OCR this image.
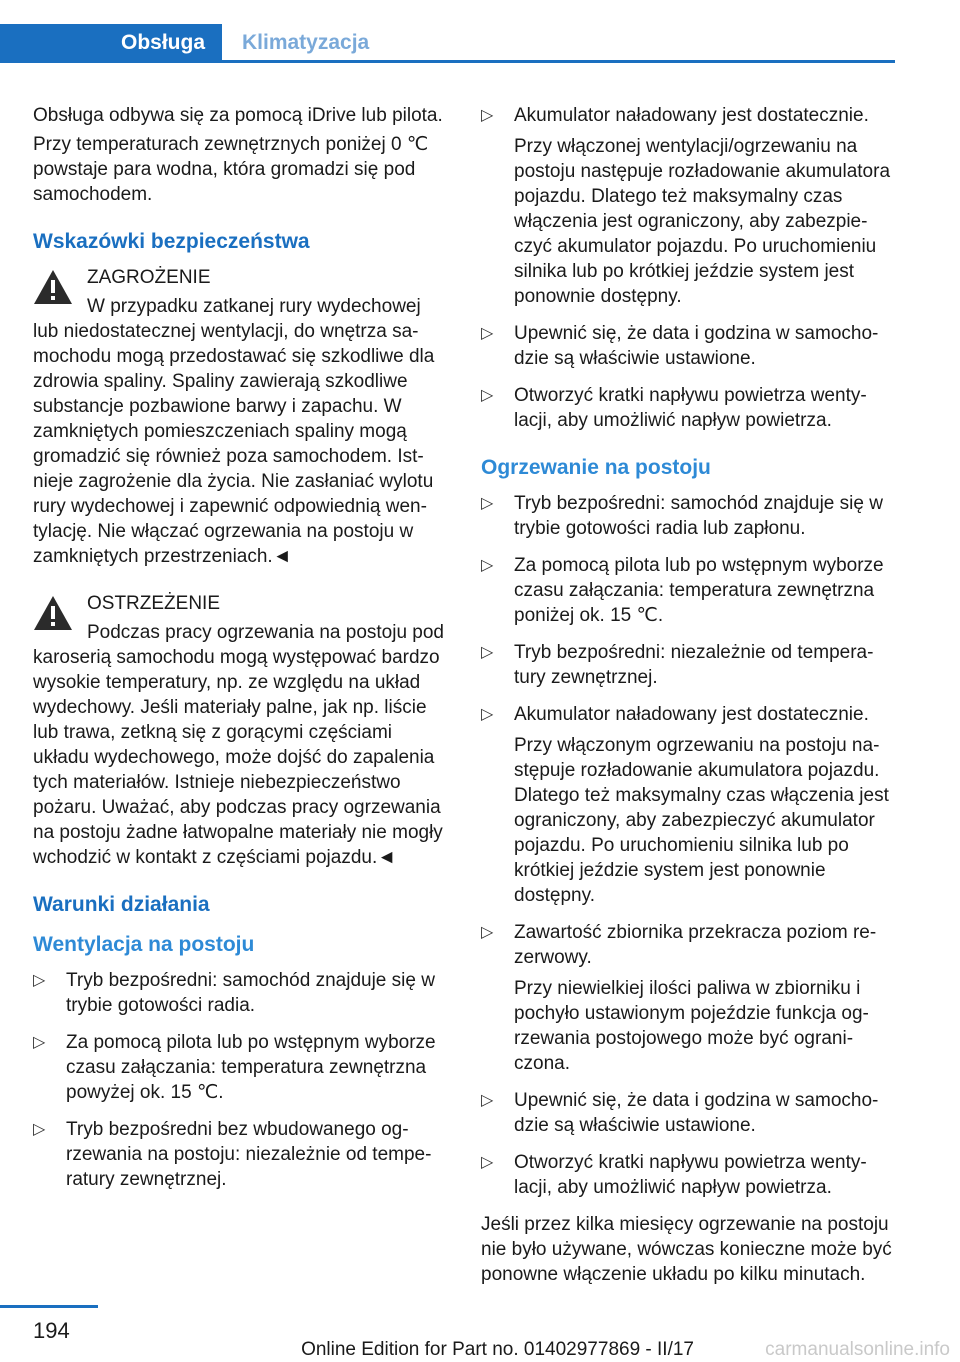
Obsługa	Klimatyzacja

Obsługa odbywa się za pomocą iDrive lub pilota.

Przy temperaturach zewnętrznych poniżej 0 ℃ powstaje para wodna, która gromadzi się pod samochodem.

Wskazówki bezpieczeństwa
ZAGROŻENIE
W przypadku zatkanej rury wydechowej lub niedostatecznej wentylacji, do wnętrza samochodu mogą przedostawać się szkodliwe dla zdrowia spaliny. Spaliny zawierają szkodliwe substancje pozbawione barwy i zapachu. W zamkniętych pomieszczeniach spaliny mogą gromadzić się również poza samochodem. Istnieje zagrożenie dla życia. Nie zasłaniać wylotu rury wydechowej i zapewnić odpowiednią wentylację. Nie włączać ogrzewania na postoju w zamkniętych przestrzeniach.◄
OSTRZEŻENIE
Podczas pracy ogrzewania na postoju pod karoserią samochodu mogą występować bardzo wysokie temperatury, np. ze względu na układ wydechowy. Jeśli materiały palne, jak np. liście lub trawa, zetkną się z gorącymi częściami układu wydechowego, może dojść do zapalenia tych materiałów. Istnieje niebezpieczeństwo pożaru. Uważać, aby podczas pracy ogrzewania na postoju żadne łatwopalne materiały nie mogły wchodzić w kontakt z częściami pojazdu.◄
Warunki działania
Wentylacja na postoju
▷ Tryb bezpośredni: samochód znajduje się w trybie gotowości radia.
▷ Za pomocą pilota lub po wstępnym wyborze czasu załączania: temperatura zewnętrzna powyżej ok. 15 ℃.
▷ Tryb bezpośredni bez wbudowanego ogrzewania na postoju: niezależnie od temperatury zewnętrznej.
▷ Akumulator naładowany jest dostatecznie.

Przy włączonej wentylacji/ogrzewaniu na postoju następuje rozładowanie akumulatora pojazdu. Dlatego też maksymalny czas włączenia jest ograniczony, aby zabezpieczyć akumulator pojazdu. Po uruchomieniu silnika lub po krótkiej jeździe system jest ponownie dostępny.

▷ Upewnić się, że data i godzina w samochodzie są właściwie ustawione.
▷ Otworzyć kratki napływu powietrza wentylacji, aby umożliwić napływ powietrza.
Ogrzewanie na postoju
▷ Tryb bezpośredni: samochód znajduje się w trybie gotowości radia lub zapłonu.
▷ Za pomocą pilota lub po wstępnym wyborze czasu załączania: temperatura zewnętrzna poniżej ok. 15 ℃.
▷ Tryb bezpośredni: niezależnie od temperatury zewnętrznej.
▷ Akumulator naładowany jest dostatecznie.

Przy włączonym ogrzewaniu na postoju następuje rozładowanie akumulatora pojazdu. Dlatego też maksymalny czas włączenia jest ograniczony, aby zabezpieczyć akumulator pojazdu. Po uruchomieniu silnika lub po krótkiej jeździe system jest ponownie dostępny.

▷ Zawartość zbiornika przekracza poziom rezerwowy.

Przy niewielkiej ilości paliwa w zbiorniku i pochyło ustawionym pojeździe funkcja ogrzewania postojowego może być ograniczona.

▷ Upewnić się, że data i godzina w samochodzie są właściwie ustawione.
▷ Otworzyć kratki napływu powietrza wentylacji, aby umożliwić napływ powietrza.

Jeśli przez kilka miesięcy ogrzewanie na postoju nie było używane, wówczas konieczne może być ponowne włączenie układu po kilku minutach.

194
Online Edition for Part no. 01402977869 - II/17	carmanualsonline.info
